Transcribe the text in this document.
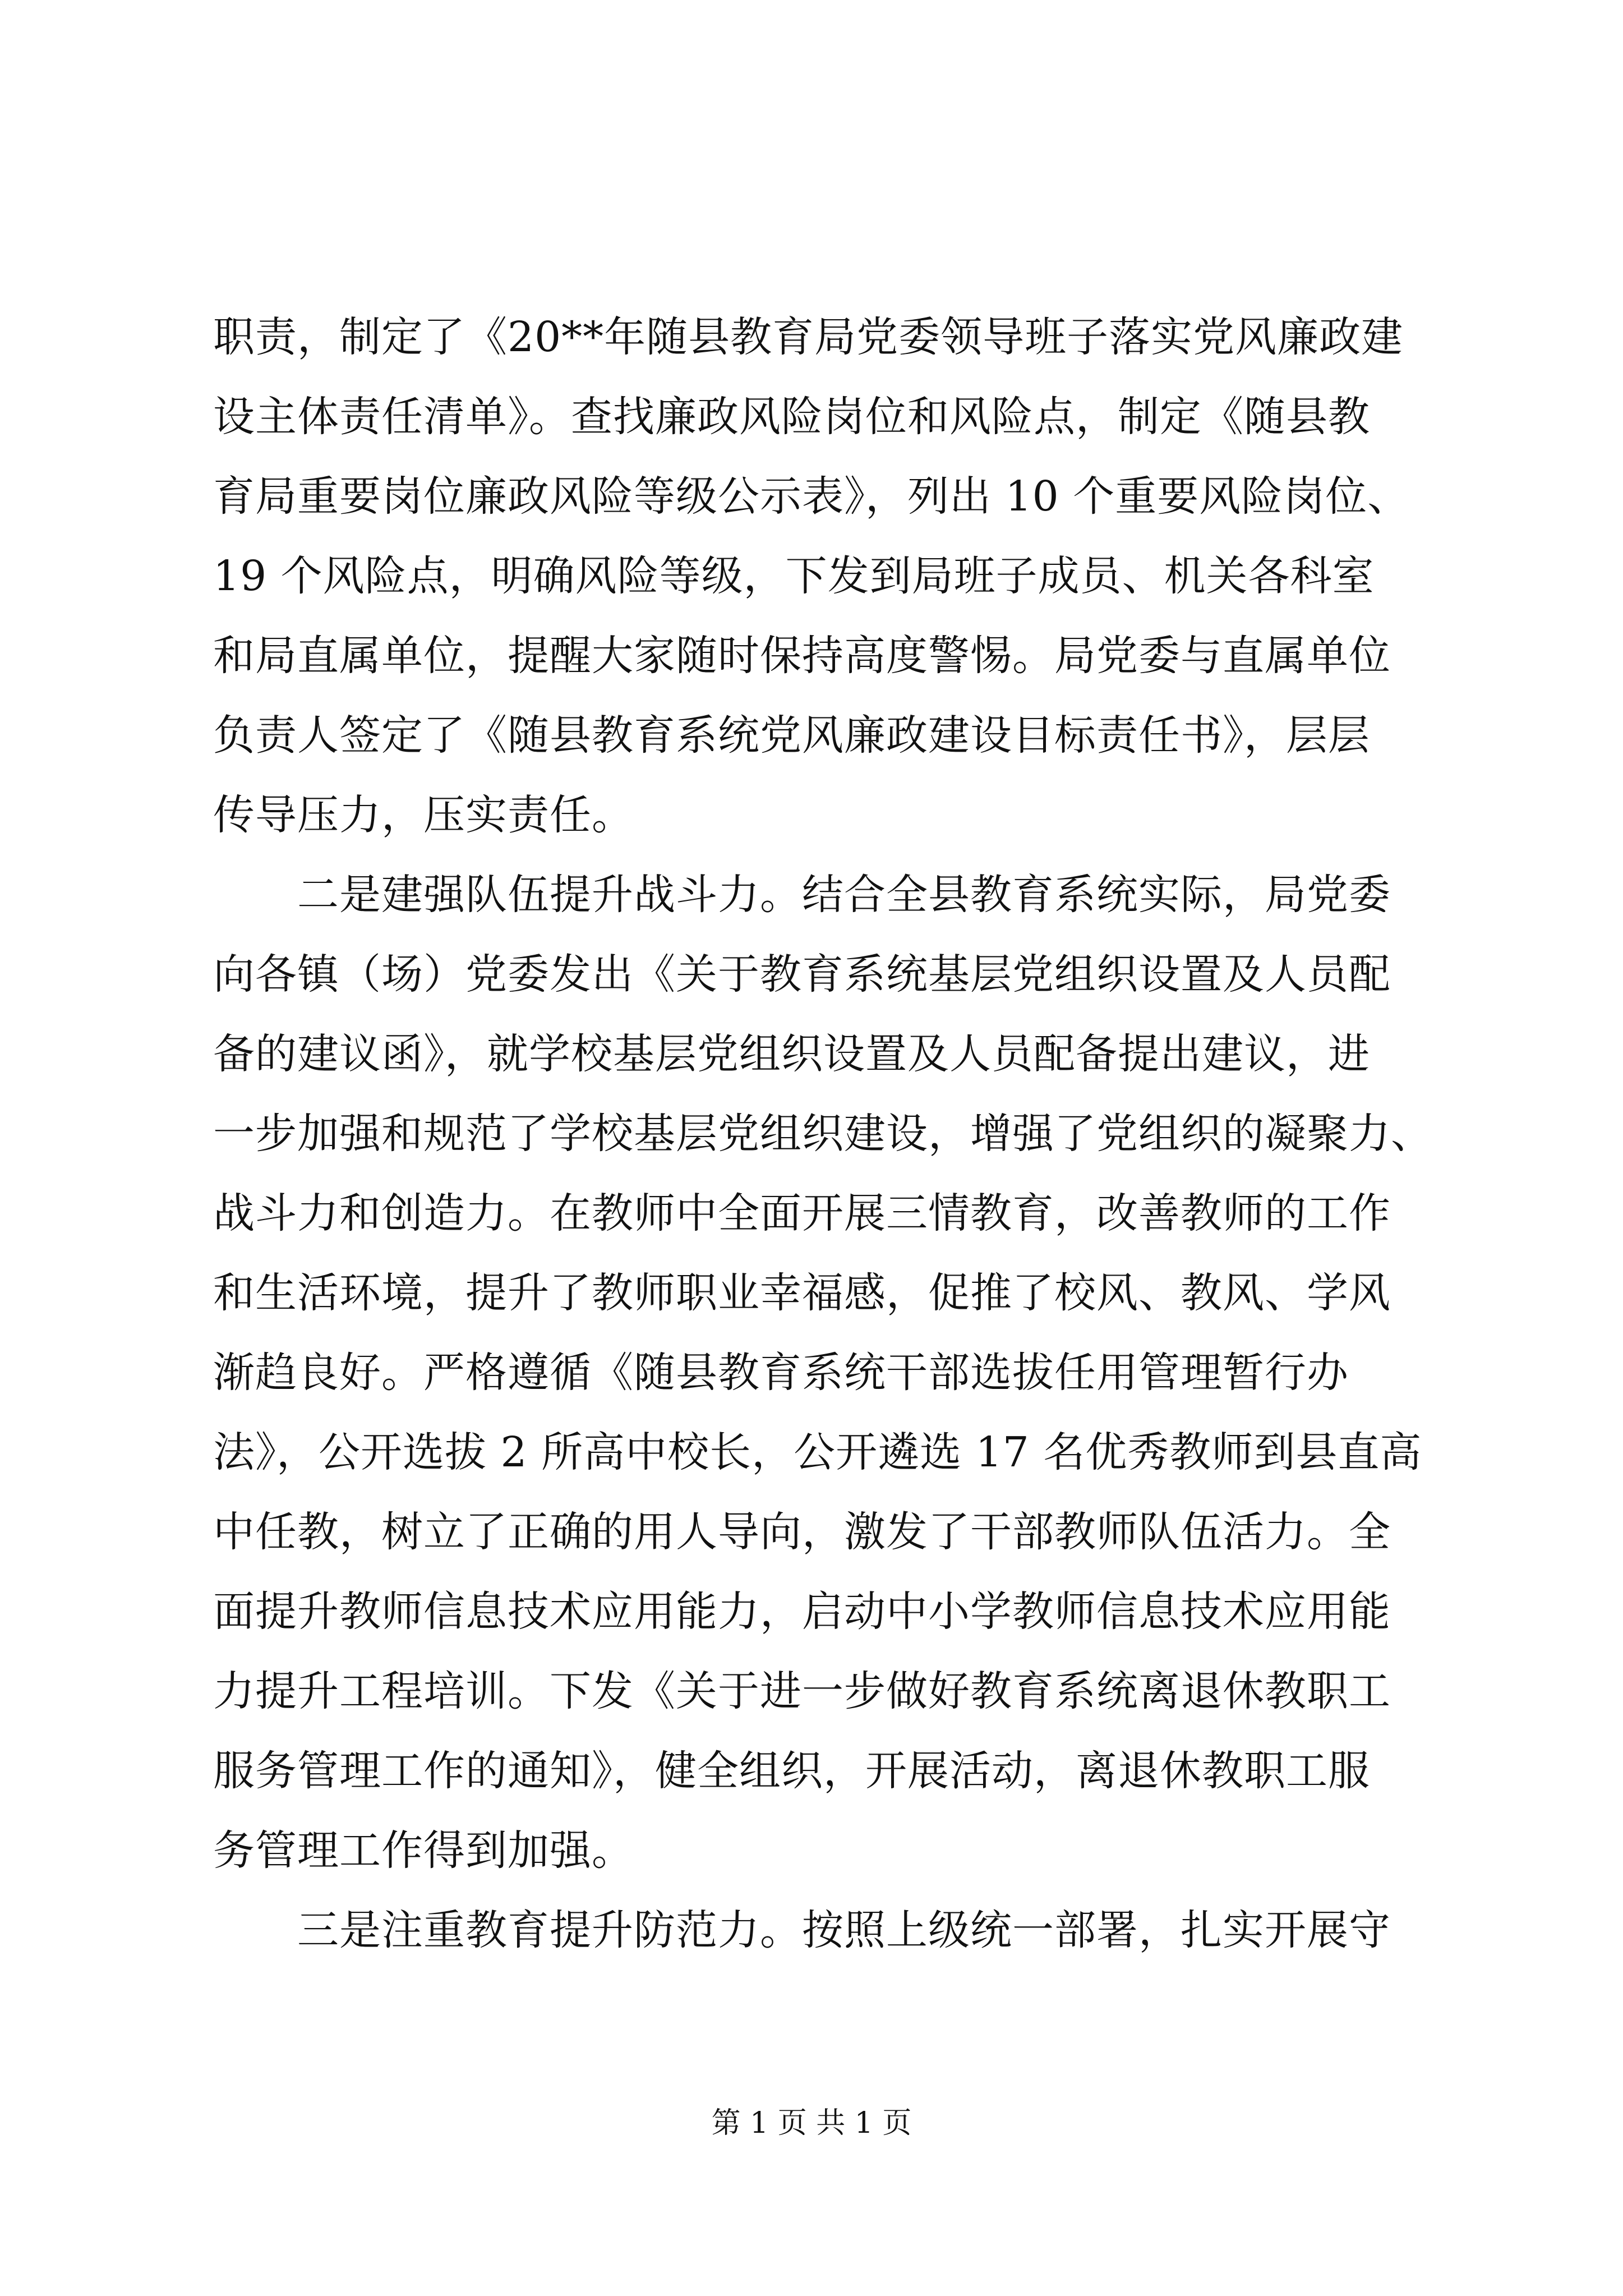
职责，制定了《20**年随县教育局党委领导班子落实党风廉政建
设主体责任清单》。查找廉政风险岗位和风险点，制定《随县教
育局重要岗位廉政风险等级公示表》，列出 10 个重要风险岗位、
19 个风险点，明确风险等级，下发到局班子成员、机关各科室
和局直属单位，提醒大家随时保持高度警惕。局党委与直属单位
负责人签定了《随县教育系统党风廉政建设目标责任书》，层层
传导压力，压实责任。
　　二是建强队伍提升战斗力。结合全县教育系统实际，局党委
向各镇（场）党委发出《关于教育系统基层党组织设置及人员配
备的建议函》，就学校基层党组织设置及人员配备提出建议，进
一步加强和规范了学校基层党组织建设，增强了党组织的凝聚力、
战斗力和创造力。在教师中全面开展三情教育，改善教师的工作
和生活环境，提升了教师职业幸福感，促推了校风、教风、学风
渐趋良好。严格遵循《随县教育系统干部选拔任用管理暂行办
法》，公开选拔 2 所高中校长，公开遴选 17 名优秀教师到县直高
中任教，树立了正确的用人导向，激发了干部教师队伍活力。全
面提升教师信息技术应用能力，启动中小学教师信息技术应用能
力提升工程培训。下发《关于进一步做好教育系统离退休教职工
服务管理工作的通知》，健全组织，开展活动，离退休教职工服
务管理工作得到加强。
　　三是注重教育提升防范力。按照上级统一部署，扎实开展守
第 1 页 共 1 页
